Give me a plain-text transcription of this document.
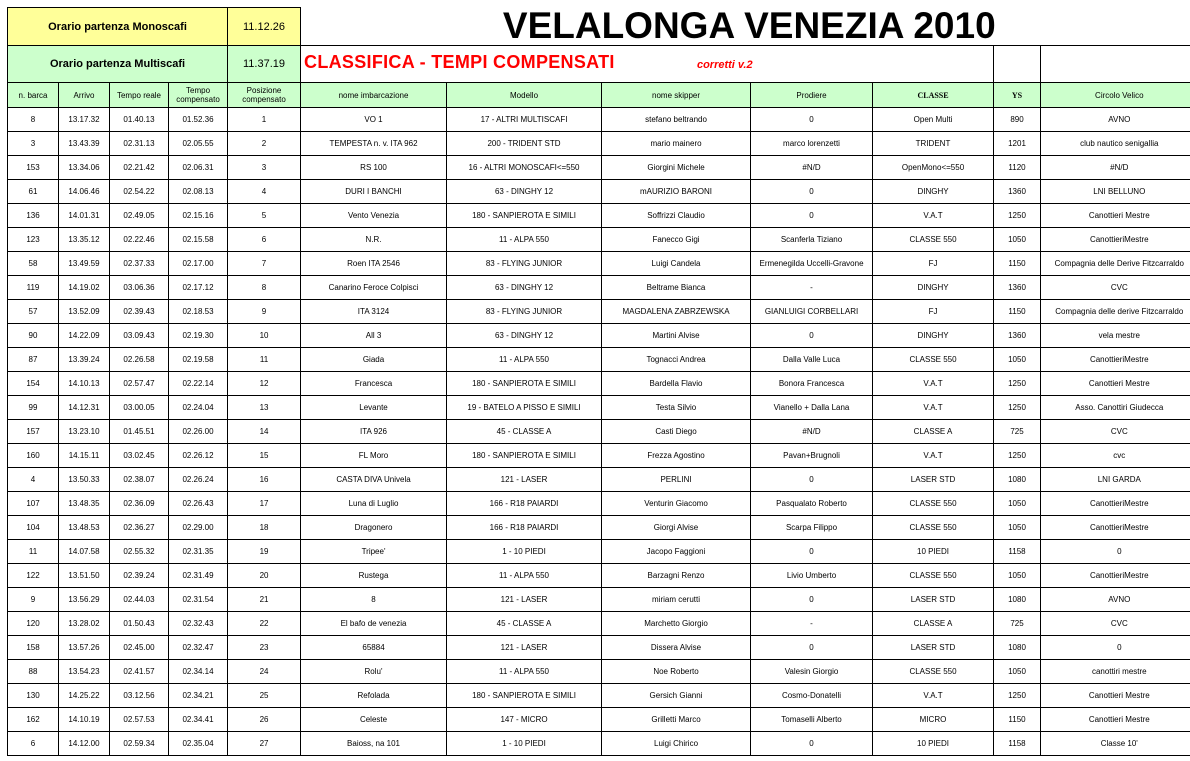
Orario partenza Monoscafi				11.12.26	VELALONGA VENEZIA 2010						
Orario partenza Multiscafi				11.37.19	CLASSIFICA - TEMPI COMPENSATI corretti v.2						
n. barca	Arrivo	Tempo reale	Tempo compensato	Posizione compensato	nome imbarcazione	Modello	nome skipper	Prodiere	CLASSE	YS	Circolo Velico
8	13.17.32	01.40.13	01.52.36	1	VO 1	17 - ALTRI MULTISCAFI	stefano beltrando	0	Open Multi	890	AVNO
3	13.43.39	02.31.13	02.05.55	2	TEMPESTA n. v. ITA 962	200 - TRIDENT STD	mario mainero	marco lorenzetti	TRIDENT	1201	club nautico senigallia
153	13.34.06	02.21.42	02.06.31	3	RS 100	16 - ALTRI MONOSCAFI<=550	Giorgini Michele	#N/D	OpenMono<=550	1120	#N/D
61	14.06.46	02.54.22	02.08.13	4	DURI I BANCHI	63 - DINGHY 12	mAURIZIO BARONI	0	DINGHY	1360	LNI BELLUNO
136	14.01.31	02.49.05	02.15.16	5	Vento Venezia	180 - SANPIEROTA E SIMILI	Soffrizzi Claudio	0	V.A.T	1250	Canottieri Mestre
123	13.35.12	02.22.46	02.15.58	6	N.R.	11 - ALPA 550	Fanecco Gigi	Scanferla Tiziano	CLASSE 550	1050	CanottieriMestre
58	13.49.59	02.37.33	02.17.00	7	Roen ITA 2546	83 - FLYING JUNIOR	Luigi Candela	Ermenegilda Uccelli-Gravone	FJ	1150	Compagnia delle Derive Fitzcarraldo
119	14.19.02	03.06.36	02.17.12	8	Canarino Feroce Colpisci	63 - DINGHY 12	Beltrame Bianca	-	DINGHY	1360	CVC
57	13.52.09	02.39.43	02.18.53	9	ITA 3124	83 - FLYING JUNIOR	MAGDALENA ZABRZEWSKA	GIANLUIGI CORBELLARI	FJ	1150	Compagnia delle derive Fitzcarraldo
90	14.22.09	03.09.43	02.19.30	10	All 3	63 - DINGHY 12	Martini Alvise	0	DINGHY	1360	vela mestre
87	13.39.24	02.26.58	02.19.58	11	Giada	11 - ALPA 550	Tognacci Andrea	Dalla Valle Luca	CLASSE 550	1050	CanottieriMestre
154	14.10.13	02.57.47	02.22.14	12	Francesca	180 - SANPIEROTA E SIMILI	Bardella Flavio	Bonora Francesca	V.A.T	1250	Canottieri Mestre
99	14.12.31	03.00.05	02.24.04	13	Levante	19 - BATELO A PISSO E SIMILI	Testa Silvio	Vianello + Dalla Lana	V.A.T	1250	Asso. Canottiri Giudecca
157	13.23.10	01.45.51	02.26.00	14	ITA 926	45 - CLASSE A	Casti Diego	#N/D	CLASSE A	725	CVC
160	14.15.11	03.02.45	02.26.12	15	FL Moro	180 - SANPIEROTA E SIMILI	Frezza Agostino	Pavan+Brugnoli	V.A.T	1250	cvc
4	13.50.33	02.38.07	02.26.24	16	CASTA DIVA Univela	121 - LASER	PERLINI	0	LASER STD	1080	LNI GARDA
107	13.48.35	02.36.09	02.26.43	17	Luna di Luglio	166 - R18 PAIARDI	Venturin Giacomo	Pasqualato Roberto	CLASSE 550	1050	CanottieriMestre
104	13.48.53	02.36.27	02.29.00	18	Dragonero	166 - R18 PAIARDI	Giorgi Alvise	Scarpa Filippo	CLASSE 550	1050	CanottieriMestre
11	14.07.58	02.55.32	02.31.35	19	Tripee'	1 - 10 PIEDI	Jacopo Faggioni	0	10 PIEDI	1158	0
122	13.51.50	02.39.24	02.31.49	20	Rustega	11 - ALPA 550	Barzagni Renzo	Livio Umberto	CLASSE 550	1050	CanottieriMestre
9	13.56.29	02.44.03	02.31.54	21	8	121 - LASER	miriam cerutti	0	LASER STD	1080	AVNO
120	13.28.02	01.50.43	02.32.43	22	El bafo de venezia	45 - CLASSE A	Marchetto Giorgio	-	CLASSE A	725	CVC
158	13.57.26	02.45.00	02.32.47	23	65884	121 - LASER	Dissera Alvise	0	LASER STD	1080	0
88	13.54.23	02.41.57	02.34.14	24	Rolu'	11 - ALPA 550	Noe Roberto	Valesin Giorgio	CLASSE 550	1050	canottiri mestre
130	14.25.22	03.12.56	02.34.21	25	Refolada	180 - SANPIEROTA E SIMILI	Gersich Gianni	Cosmo-Donatelli	V.A.T	1250	Canottieri Mestre
162	14.10.19	02.57.53	02.34.41	26	Celeste	147 - MICRO	Grilletti Marco	Tomaselli Alberto	MICRO	1150	Canottieri Mestre
6	14.12.00	02.59.34	02.35.04	27	Baioss, na 101	1 - 10 PIEDI	Luigi Chirico	0	10 PIEDI	1158	Classe 10'
